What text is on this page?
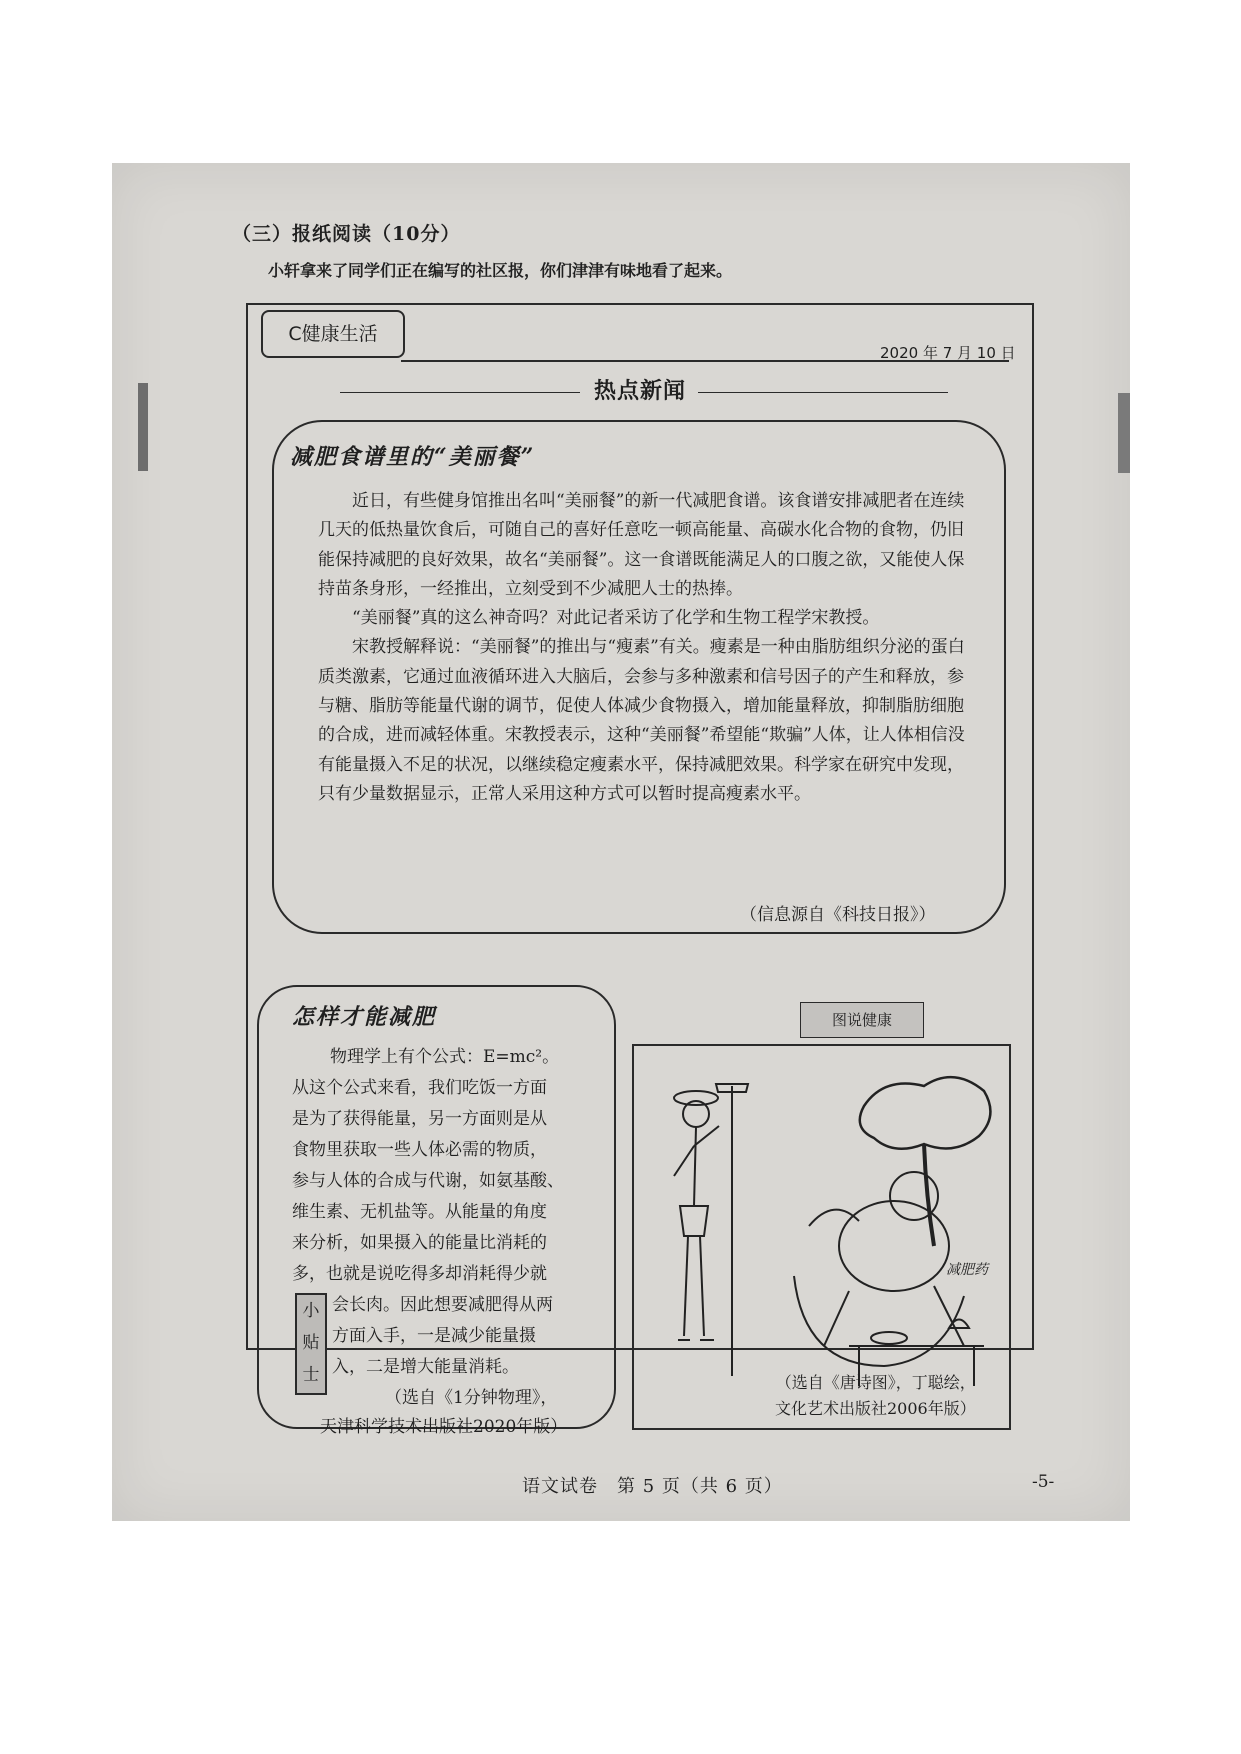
（三）报纸阅读（10分）
小轩拿来了同学们正在编写的社区报，你们津津有味地看了起来。
C健康生活
2020 年 7 月 10 日
热点新闻
减肥食谱里的“美丽餐”

近日，有些健身馆推出名叫“美丽餐”的新一代减肥食谱。该食谱安排减肥者在连续几天的低热量饮食后，可随自己的喜好任意吃一顿高能量、高碳水化合物的食物，仍旧能保持减肥的良好效果，故名“美丽餐”。这一食谱既能满足人的口腹之欲，又能使人保持苗条身形，一经推出，立刻受到不少减肥人士的热捧。

“美丽餐”真的这么神奇吗？对此记者采访了化学和生物工程学宋教授。

宋教授解释说：“美丽餐”的推出与“瘦素”有关。瘦素是一种由脂肪组织分泌的蛋白质类激素，它通过血液循环进入大脑后，会参与多种激素和信号因子的产生和释放，参与糖、脂肪等能量代谢的调节，促使人体减少食物摄入，增加能量释放，抑制脂肪细胞的合成，进而减轻体重。宋教授表示，这种“美丽餐”希望能“欺骗”人体，让人体相信没有能量摄入不足的状况，以继续稳定瘦素水平，保持减肥效果。科学家在研究中发现，只有少量数据显示，正常人采用这种方式可以暂时提高瘦素水平。

（信息源自《科技日报》）
怎样才能减肥
物理学上有个公式：E=mc²。
从这个公式来看，我们吃饭一方面
是为了获得能量，另一方面则是从
食物里获取一些人体必需的物质，
参与人体的合成与代谢，如氨基酸、
维生素、无机盐等。从能量的角度
来分析，如果摄入的能量比消耗的
多，也就是说吃得多却消耗得少就
会长肉。因此想要减肥得从两
方面入手，一是减少能量摄
入，二是增大能量消耗。
（选自《1分钟物理》，
天津科学技术出版社2020年版）
小贴士
图说健康
减肥药
（选自《唐诗图》，丁聪绘，
文化艺术出版社2006年版）
语文试卷　第 5 页（共 6 页）	-5-
